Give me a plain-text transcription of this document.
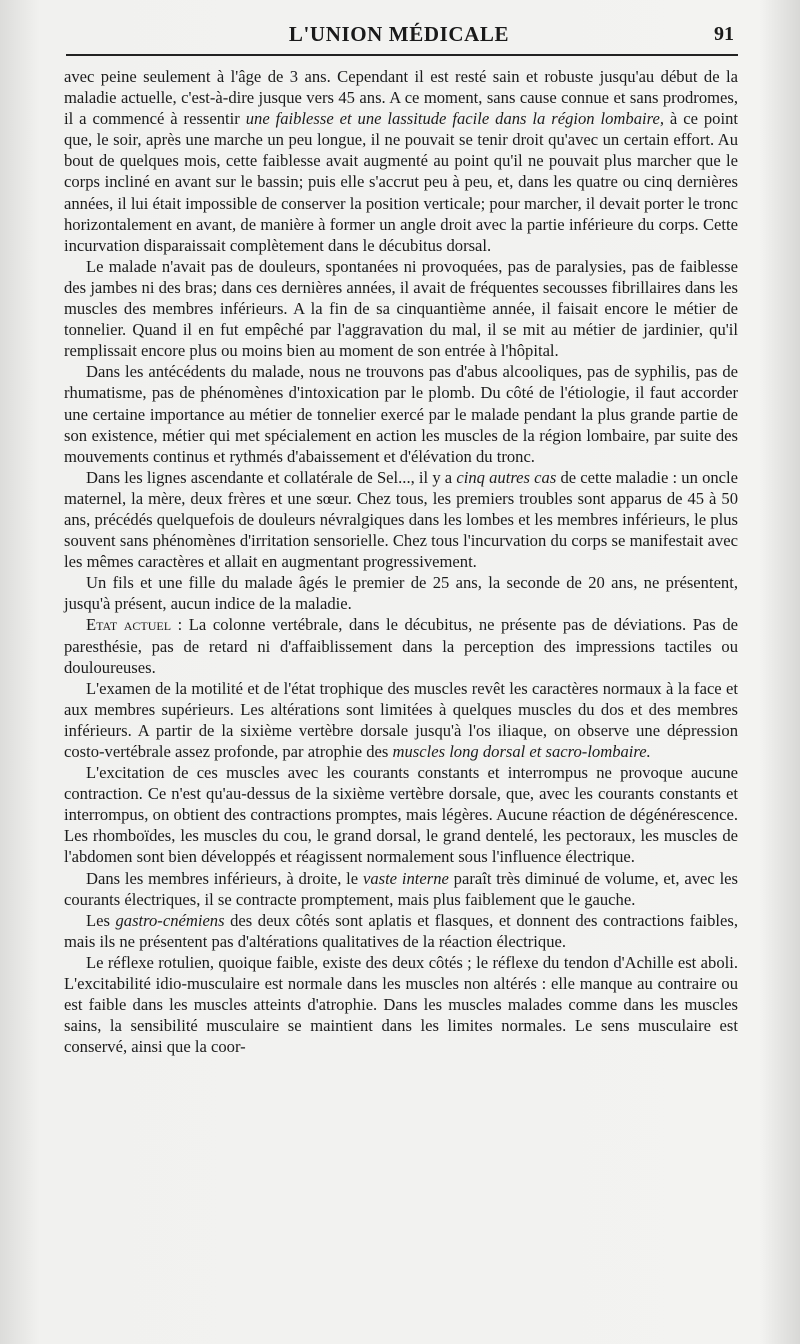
L'UNION MÉDICALE	91

avec peine seulement à l'âge de 3 ans. Cependant il est resté sain et robuste jusqu'au début de la maladie actuelle, c'est-à-dire jusque vers 45 ans. A ce moment, sans cause connue et sans prodromes, il a commencé à ressentir une faiblesse et une lassitude facile dans la région lombaire, à ce point que, le soir, après une marche un peu longue, il ne pouvait se tenir droit qu'avec un certain effort. Au bout de quelques mois, cette faiblesse avait augmenté au point qu'il ne pouvait plus marcher que le corps incliné en avant sur le bassin; puis elle s'accrut peu à peu, et, dans les quatre ou cinq dernières années, il lui était impossible de conserver la position verticale; pour marcher, il devait porter le tronc horizontalement en avant, de manière à former un angle droit avec la partie inférieure du corps. Cette incurvation disparaissait complètement dans le décubitus dorsal.

Le malade n'avait pas de douleurs, spontanées ni provoquées, pas de paralysies, pas de faiblesse des jambes ni des bras; dans ces dernières années, il avait de fréquentes secousses fibrillaires dans les muscles des membres inférieurs. A la fin de sa cinquantième année, il faisait encore le métier de tonnelier. Quand il en fut empêché par l'aggravation du mal, il se mit au métier de jardinier, qu'il remplissait encore plus ou moins bien au moment de son entrée à l'hôpital.

Dans les antécédents du malade, nous ne trouvons pas d'abus alcooliques, pas de syphilis, pas de rhumatisme, pas de phénomènes d'intoxication par le plomb. Du côté de l'étiologie, il faut accorder une certaine importance au métier de tonnelier exercé par le malade pendant la plus grande partie de son existence, métier qui met spécialement en action les muscles de la région lombaire, par suite des mouvements continus et rythmés d'abaissement et d'élévation du tronc.

Dans les lignes ascendante et collatérale de Sel..., il y a cinq autres cas de cette maladie : un oncle maternel, la mère, deux frères et une sœur. Chez tous, les premiers troubles sont apparus de 45 à 50 ans, précédés quelquefois de douleurs névralgiques dans les lombes et les membres inférieurs, le plus souvent sans phénomènes d'irritation sensorielle. Chez tous l'incurvation du corps se manifestait avec les mêmes caractères et allait en augmentant progressivement.

Un fils et une fille du malade âgés le premier de 25 ans, la seconde de 20 ans, ne présentent, jusqu'à présent, aucun indice de la maladie.

Etat actuel : La colonne vertébrale, dans le décubitus, ne présente pas de déviations. Pas de paresthésie, pas de retard ni d'affaiblissement dans la perception des impressions tactiles ou douloureuses.

L'examen de la motilité et de l'état trophique des muscles revêt les caractères normaux à la face et aux membres supérieurs. Les altérations sont limitées à quelques muscles du dos et des membres inférieurs. A partir de la sixième vertèbre dorsale jusqu'à l'os iliaque, on observe une dépression costo-vertébrale assez profonde, par atrophie des muscles long dorsal et sacro-lombaire.

L'excitation de ces muscles avec les courants constants et interrompus ne provoque aucune contraction. Ce n'est qu'au-dessus de la sixième vertèbre dorsale, que, avec les courants constants et interrompus, on obtient des contractions promptes, mais légères. Aucune réaction de dégénérescence. Les rhomboïdes, les muscles du cou, le grand dorsal, le grand dentelé, les pectoraux, les muscles de l'abdomen sont bien développés et réagissent normalement sous l'influence électrique.

Dans les membres inférieurs, à droite, le vaste interne paraît très diminué de volume, et, avec les courants électriques, il se contracte promptement, mais plus faiblement que le gauche.

Les gastro-cnémiens des deux côtés sont aplatis et flasques, et donnent des contractions faibles, mais ils ne présentent pas d'altérations qualitatives de la réaction électrique.

Le réflexe rotulien, quoique faible, existe des deux côtés ; le réflexe du tendon d'Achille est aboli. L'excitabilité idio-musculaire est normale dans les muscles non altérés : elle manque au contraire ou est faible dans les muscles atteints d'atrophie. Dans les muscles malades comme dans les muscles sains, la sensibilité musculaire se maintient dans les limites normales. Le sens musculaire est conservé, ainsi que la coor-
